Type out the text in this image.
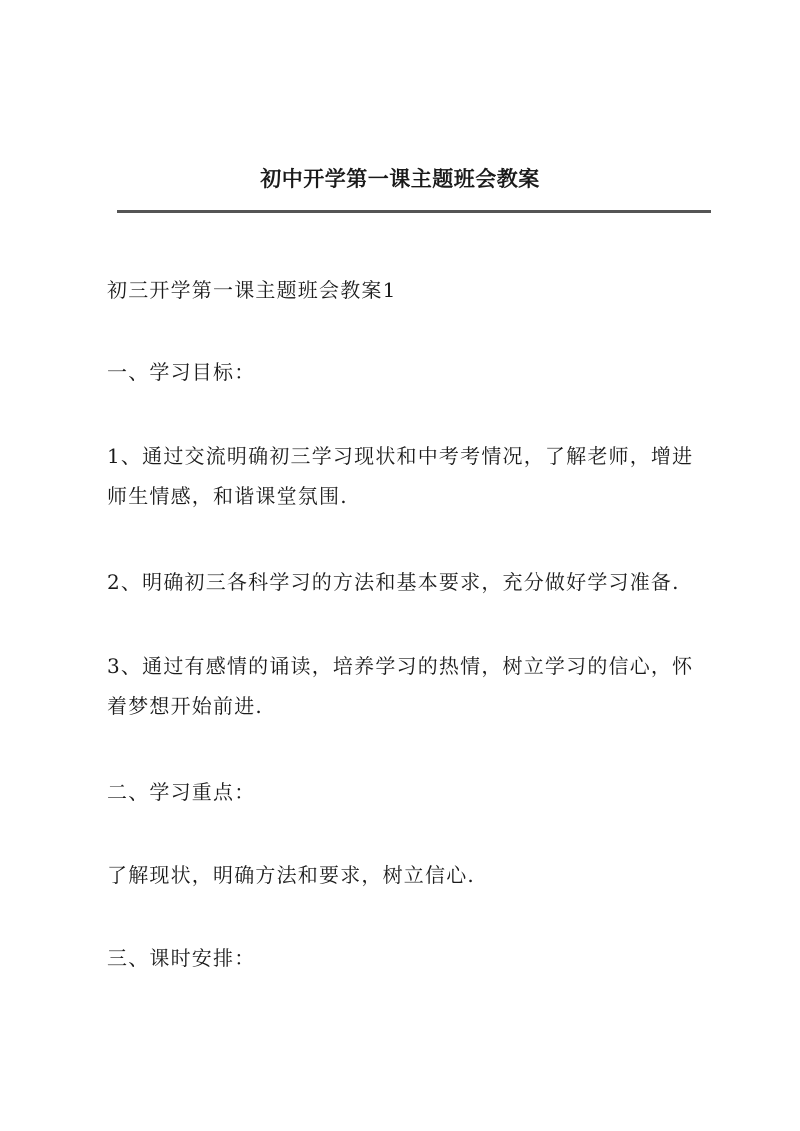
初中开学第一课主题班会教案

初三开学第一课主题班会教案1

一、学习目标：

1、通过交流明确初三学习现状和中考考情况，了解老师，增进师生情感，和谐课堂氛围.

2、明确初三各科学习的方法和基本要求，充分做好学习准备.

3、通过有感情的诵读，培养学习的热情，树立学习的信心，怀着梦想开始前进.

二、学习重点：

了解现状，明确方法和要求，树立信心.

三、课时安排：
